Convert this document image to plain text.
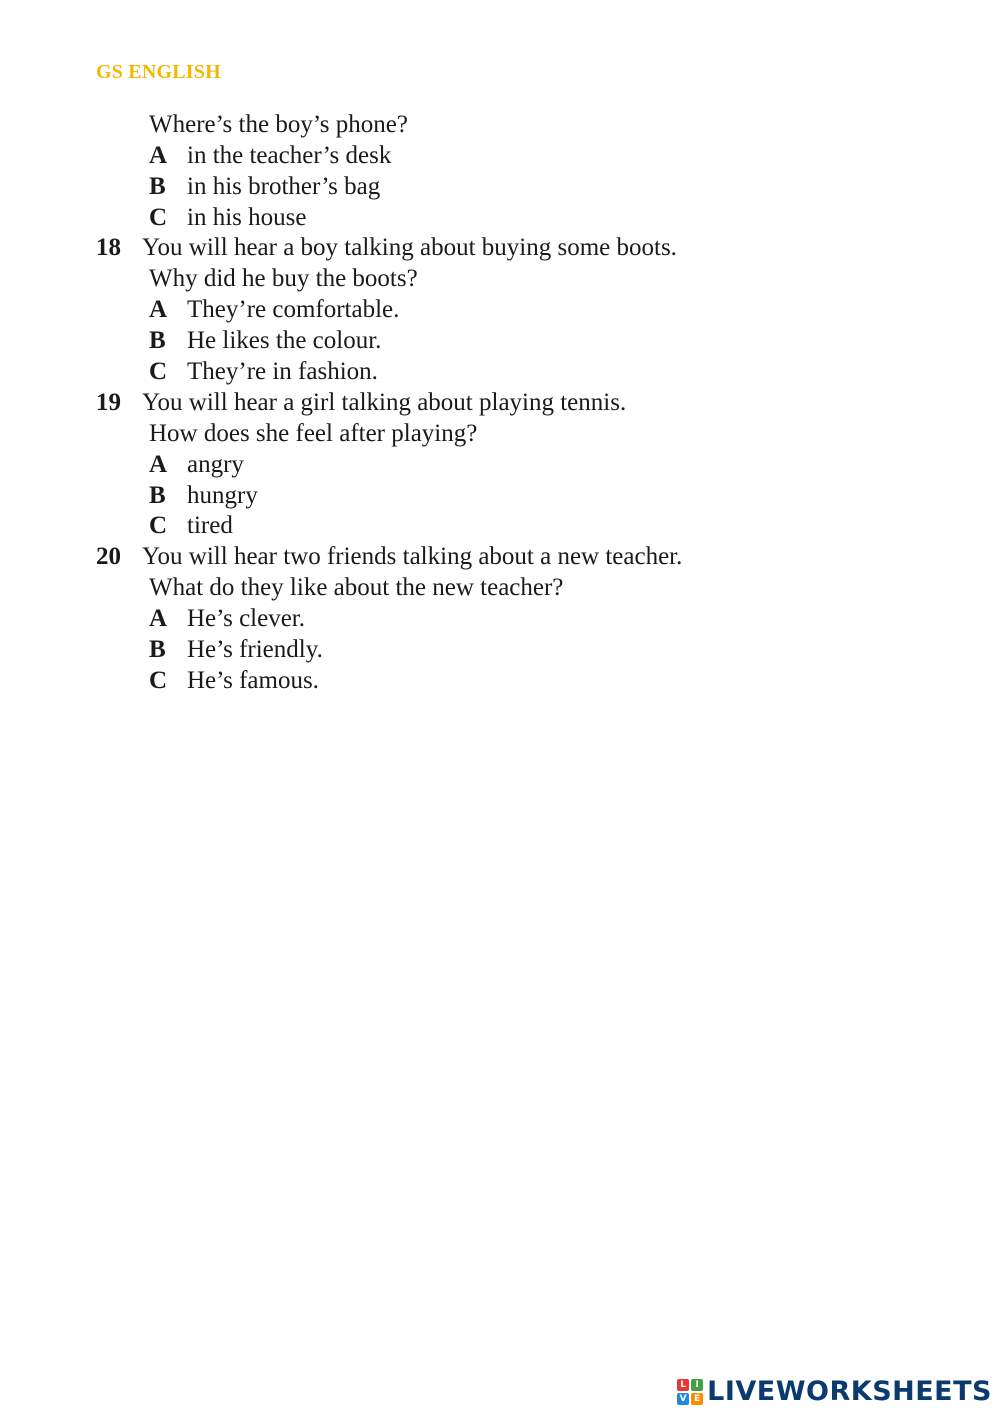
GS ENGLISH
Where’s the boy’s phone?
A in the teacher’s desk
B in his brother’s bag
C in his house
18 You will hear a boy talking about buying some boots.
Why did he buy the boots?
A They’re comfortable.
B He likes the colour.
C They’re in fashion.
19 You will hear a girl talking about playing tennis.
How does she feel after playing?
A angry
B hungry
C tired
20 You will hear two friends talking about a new teacher.
What do they like about the new teacher?
A He’s clever.
B He’s friendly.
C He’s famous.
L	I
V E LIVEWORKSHEETS
